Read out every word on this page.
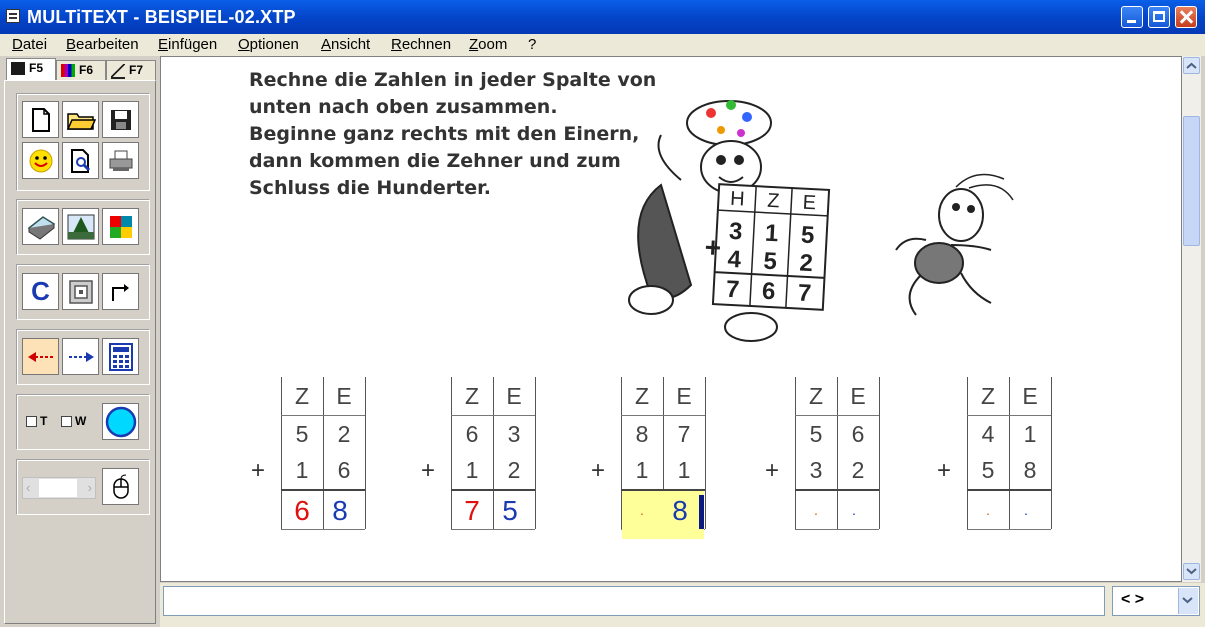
MULTiTEXT - BEISPIEL-02.XTP
Datei Bearbeiten Einfügen Optionen Ansicht Rechnen Zoom ?
F5	F6	F7
C
T	W
‹	›
Rechne die Zahlen in jeder Spalte von
unten nach oben zusammen.
Beginne ganz rechts mit den Einern,
dann kommen die Zehner und zum
Schluss die Hunderter.	H Z E
3 1 5
4 5 2
7 6 7
+
+
Z	E
5	2
1	6
6 8
+
Z	E
6	3
1	2
7 5
+
Z	E
8	7
1	1
· 8
+
Z	E
5	6
3	2
·	·
+
Z	E
4	1
5	8
·	·
< >
